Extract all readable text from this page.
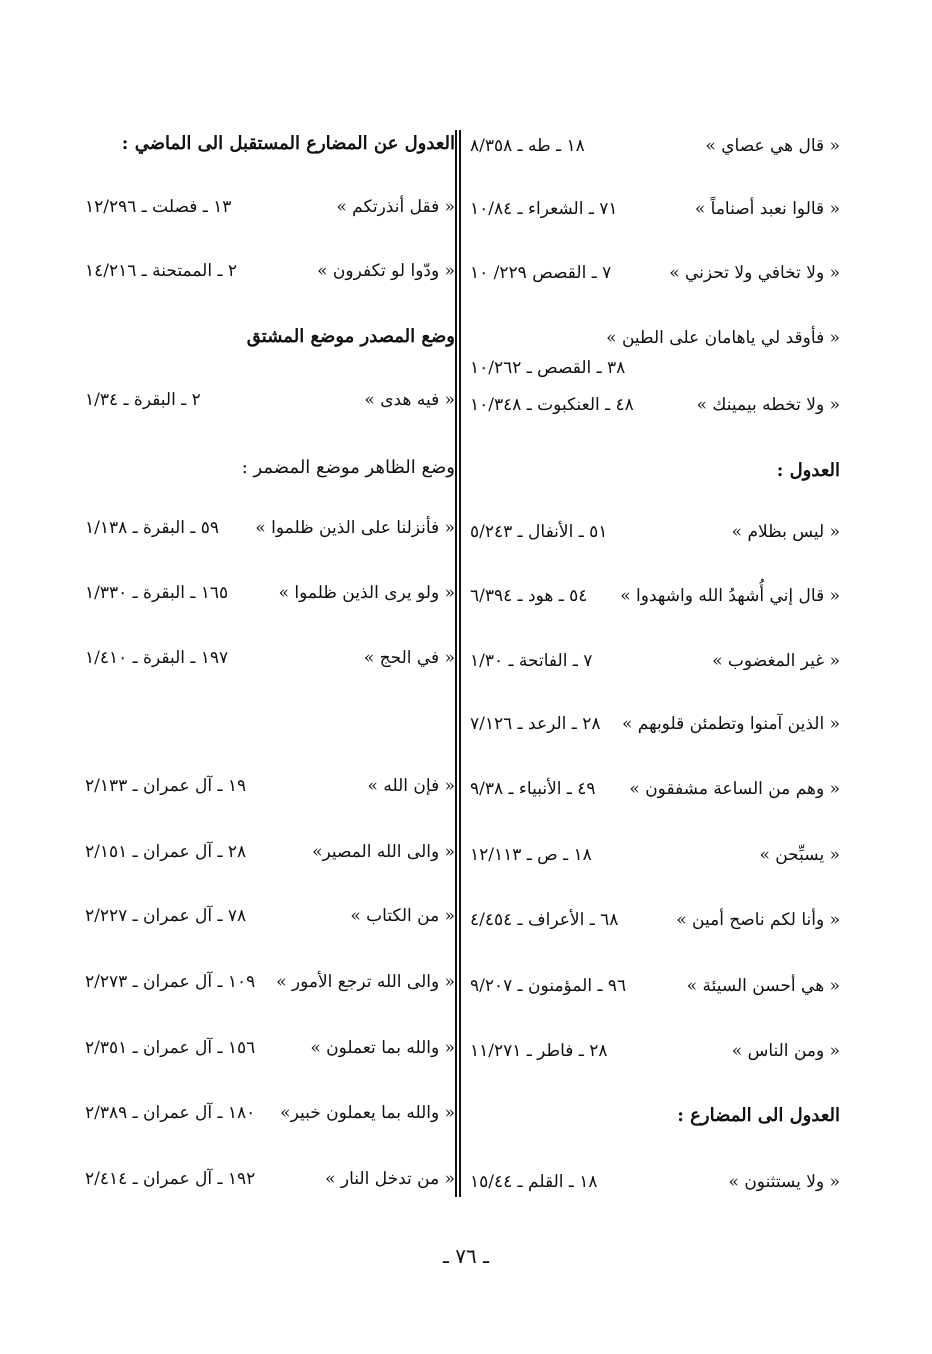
« قال هي عصاي »
١٨ ـ طه ـ ٨/٣٥٨
« قالوا نعبد أصناماً »
٧١ ـ الشعراء ـ ١٠/٨٤
« ولا تخافي ولا تحزني »
٧ ـ القصص ٢٢٩/ ١٠
« فأوقد لي ياهامان على الطين »
٣٨ ـ القصص ـ ١٠/٢٦٢
« ولا تخطه بيمينك »
٤٨ ـ العنكبوت ـ ١٠/٣٤٨
العدول :
« ليس بظلام »
٥١ ـ الأنفال ـ ٥/٢٤٣
« قال إني أُشهدُ الله واشهدوا »
٥٤ ـ هود ـ ٦/٣٩٤
« غير المغضوب »
٧ ـ الفاتحة ـ ١/٣٠
« الذين آمنوا وتطمئن قلوبهم »
٢٨ ـ الرعد ـ ٧/١٢٦
« وهم من الساعة مشفقون »
٤٩ ـ الأنبياء ـ ٩/٣٨
« يسبِّحن »
١٨ ـ ص ـ ١٢/١١٣
« وأنا لكم ناصح أمين »
٦٨ ـ الأعراف ـ ٤/٤٥٤
« هي أحسن السيئة »
٩٦ ـ المؤمنون ـ ٩/٢٠٧
« ومن الناس »
٢٨ ـ فاطر ـ ١١/٢٧١
العدول الى المضارع :
« ولا يستثنون »
١٨ ـ القلم ـ ١٥/٤٤
العدول عن المضارع المستقبل الى الماضي :
« فقل أنذرتكم »
١٣ ـ فصلت ـ ١٢/٢٩٦
« ودّوا لو تكفرون »
٢ ـ الممتحنة ـ ١٤/٢١٦
وضع المصدر موضع المشتق
« فيه هدى »
٢ ـ البقرة ـ ١/٣٤
وضع الظاهر موضع المضمر :
« فأنزلنا على الذين ظلموا »
٥٩ ـ البقرة ـ ١/١٣٨
« ولو يرى الذين ظلموا »
١٦٥ ـ البقرة ـ ١/٣٣٠
« في الحج »
١٩٧ ـ البقرة ـ ١/٤١٠
« فإن الله »
١٩ ـ آل عمران ـ ٢/١٣٣
« والى الله المصير»
٢٨ ـ آل عمران ـ ٢/١٥١
« من الكتاب »
٧٨ ـ آل عمران ـ ٢/٢٢٧
« والى الله ترجع الأمور »
١٠٩ ـ آل عمران ـ ٢/٢٧٣
« والله بما تعملون »
١٥٦ ـ آل عمران ـ ٢/٣٥١
« والله بما يعملون خبير»
١٨٠ ـ آل عمران ـ ٢/٣٨٩
« من تدخل النار »
١٩٢ ـ آل عمران ـ ٢/٤١٤
ـ ٧٦ ـ
